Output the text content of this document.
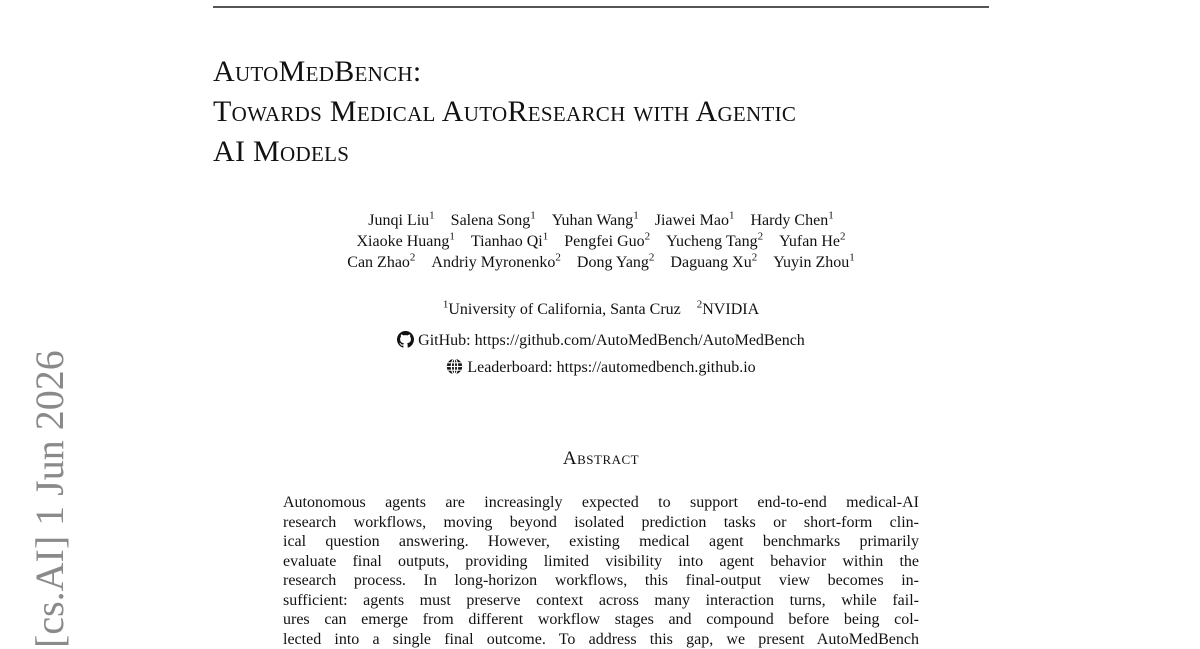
AutoMedBench:
Towards Medical AutoResearch with Agentic
AI Models
Junqi Liu$^1$ Salena Song$^1$ Yuhan Wang$^1$ Jiawei Mao$^1$ Hardy Chen$^1$
Xiaoke Huang$^1$ Tianhao Qi$^1$ Pengfei Guo$^2$ Yucheng Tang$^2$ Yufan He$^2$
Can Zhao$^2$ Andriy Myronenko$^2$ Dong Yang$^2$ Daguang Xu$^2$ Yuyin Zhou$^1$
$^1$University of California, Santa Cruz $^2$NVIDIA
GitHub: https://github.com/AutoMedBench/AutoMedBench
Leaderboard: https://automedbench.github.io
Abstract
Autonomous agents are increasingly expected to support end-to-end medical-AI
research workflows, moving beyond isolated prediction tasks or short-form clin-
ical question answering. However, existing medical agent benchmarks primarily
evaluate final outputs, providing limited visibility into agent behavior within the
research process. In long-horizon workflows, this final-output view becomes in-
sufficient: agents must preserve context across many interaction turns, while fail-
ures can emerge from different workflow stages and compound before being col-
lected into a single final outcome. To address this gap, we present AutoMedBench
[cs.AI] 1 Jun 2026
